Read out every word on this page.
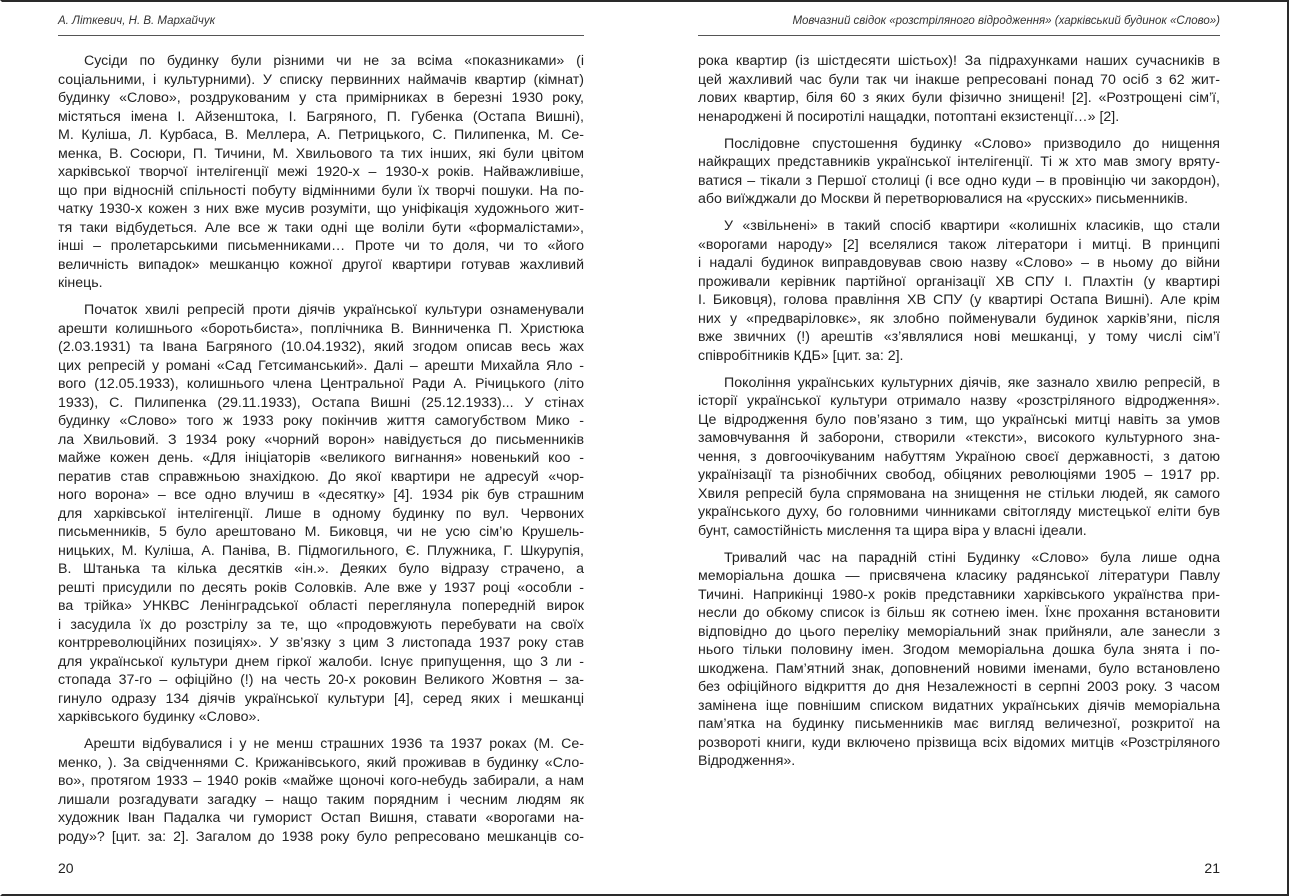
А. Літкевич, Н. В. Мархайчук
Сусіди по будинку були різними чи не за всіма «показниками» (і
соціальними, і культурними). У списку первинних наймачів квартир (кімнат)
будинку «Слово», роздрукованим у ста примірниках в березні 1930 року,
містяться імена І. Айзенштока, І. Багряного, П. Губенка (Остапа Вишні),
М. Куліша, Л. Курбаса, В. Меллера, А. Петрицького, С. Пилипенка, М. Се-
менка, В. Сосюри, П. Тичини, М. Хвильового та тих інших, які були цвітом
харківської творчої інтелігенції межі 1920-х – 1930-х років. Найважливіше,
що при відносній спільності побуту відмінними були їх творчі пошуки. На по-
чатку 1930-х кожен з них вже мусив розуміти, що уніфікація художнього жит-
тя таки відбудеться. Але все ж таки одні ще воліли бути «формалістами»,
інші – пролетарськими письменниками… Проте чи то доля, чи то «його
величність випадок» мешканцю кожної другої квартири готував жахливий
кінець.
Початок хвилі репресій проти діячів української культури ознаменували
арешти колишнього «боротьбиста», поплічника В. Винниченка П. Христюка
(2.03.1931) та Івана Багряного (10.04.1932), який згодом описав весь жах
цих репресій у романі «Сад Гетсиманський». Далі – арешти Михайла Яло -
вого (12.05.1933), колишнього члена Центральної Ради А. Річицького (літо
1933), С. Пилипенка (29.11.1933), Остапа Вишні (25.12.1933)... У стінах
будинку «Слово» того ж 1933 року покінчив життя самогубством Мико -
ла Хвильовий. З 1934 року «чорний ворон» навідується до письменників
майже кожен день. «Для ініціаторів «великого вигнання» новенький коо -
ператив став справжньою знахідкою. До якої квартири не адресуй «чор-
ного ворона» – все одно влучиш в «десятку» [4]. 1934 рік був страшним
для харківської інтелігенції. Лише в одному будинку по вул. Червоних
письменників, 5 було арештовано М. Биковця, чи не усю сім’ю Крушель-
ницьких, М. Куліша, А. Паніва, В. Підмогильного, Є. Плужника, Г. Шкурупія,
В. Штанька та кілька десятків «ін.». Деяких було відразу страчено, а
решті присудили по десять років Соловків. Але вже у 1937 році «особли -
ва трійка» УНКВС Ленінградської області переглянула попередній вирок
і засудила їх до розстрілу за те, що «продовжують перебувати на своїх
контрреволюційних позиціях». У зв’язку з цим 3 листопада 1937 року став
для української культури днем гіркої жалоби. Існує припущення, що 3 ли -
стопада 37-го – офіційно (!) на честь 20-х роковин Великого Жовтня – за-
гинуло одразу 134 діячів української культури [4], серед яких і мешканці
харківського будинку «Слово».
Арешти відбувалися і у не менш страшних 1936 та 1937 роках (М. Се-
менко, ). За свідченнями С. Крижанівського, який проживав в будинку «Сло-
во», протягом 1933 – 1940 років «майже щоночі кого-небудь забирали, а нам
лишали розгадувати загадку – нащо таким порядним і чесним людям як
художник Іван Падалка чи гуморист Остап Вишня, ставати «ворогами на-
роду»? [цит. за: 2]. Загалом до 1938 року було репресовано мешканців со-
20
Мовчазний свідок «розстріляного відродження» (харківський будинок «Слово»)
рока квартир (із шістдесяти шістьох)! За підрахунками наших сучасників в
цей жахливий час були так чи інакше репресовані понад 70 осіб з 62 жит-
лових квартир, біля 60 з яких були фізично знищені! [2]. «Розтрощені сім’ї,
ненароджені й посиротілі нащадки, потоптані екзистенції…» [2].
Послідовне спустошення будинку «Слово» призводило до нищення
найкращих представників української інтелігенції. Ті ж хто мав змогу вряту-
ватися – тікали з Першої столиці (і все одно куди – в провінцію чи закордон),
або виїжджали до Москви й перетворювалися на «русских» письменників.
У «звільнені» в такий спосіб квартири «колишніх класиків, що стали
«ворогами народу» [2] вселялися також літератори і митці. В принципі
і надалі будинок виправдовував свою назву «Слово» – в ньому до війни
проживали керівник партійної організації ХВ СПУ І. Плахтін (у квартирі
І. Биковця), голова правління ХВ СПУ (у квартирі Остапа Вишні). Але крім
них у «предваріловкє», як злобно пойменували будинок харків’яни, після
вже звичних (!) арештів «з’являлися нові мешканці, у тому числі сім’ї
співробітників КДБ» [цит. за: 2].
Покоління українських культурних діячів, яке зазнало хвилю репресій, в
історії української культури отримало назву «розстріляного відродження».
Це відродження було пов’язано з тим, що українські митці навіть за умов
замовчування й заборони, створили «тексти», високого культурного зна-
чення, з довгоочікуваним набуттям Україною своєї державності, з датою
українізації та різнобічних свобод, обіцяних революціями 1905 – 1917 рр.
Хвиля репресій була спрямована на знищення не стільки людей, як самого
українського духу, бо головними чинниками світогляду мистецької еліти був
бунт, самостійність мислення та щира віра у власні ідеали.
Тривалий час на парадній стіні Будинку «Слово» була лише одна
меморіальна дошка — присвячена класику радянської літератури Павлу
Тичині. Наприкінці 1980-х років представники харківського українства при-
несли до обкому список із більш як сотнею імен. Їхнє прохання встановити
відповідно до цього переліку меморіальний знак прийняли, але занесли з
нього тільки половину імен. Згодом меморіальна дошка була знята і по-
шкоджена. Пам’ятний знак, доповнений новими іменами, було встановлено
без офіційного відкриття до дня Незалежності в серпні 2003 року. З часом
замінена іще повнішим списком видатних українських діячів меморіальна
пам’ятка на будинку письменників має вигляд величезної, розкритої на
розвороті книги, куди включено прізвища всіх відомих митців «Розстріляного
Відродження».
21
